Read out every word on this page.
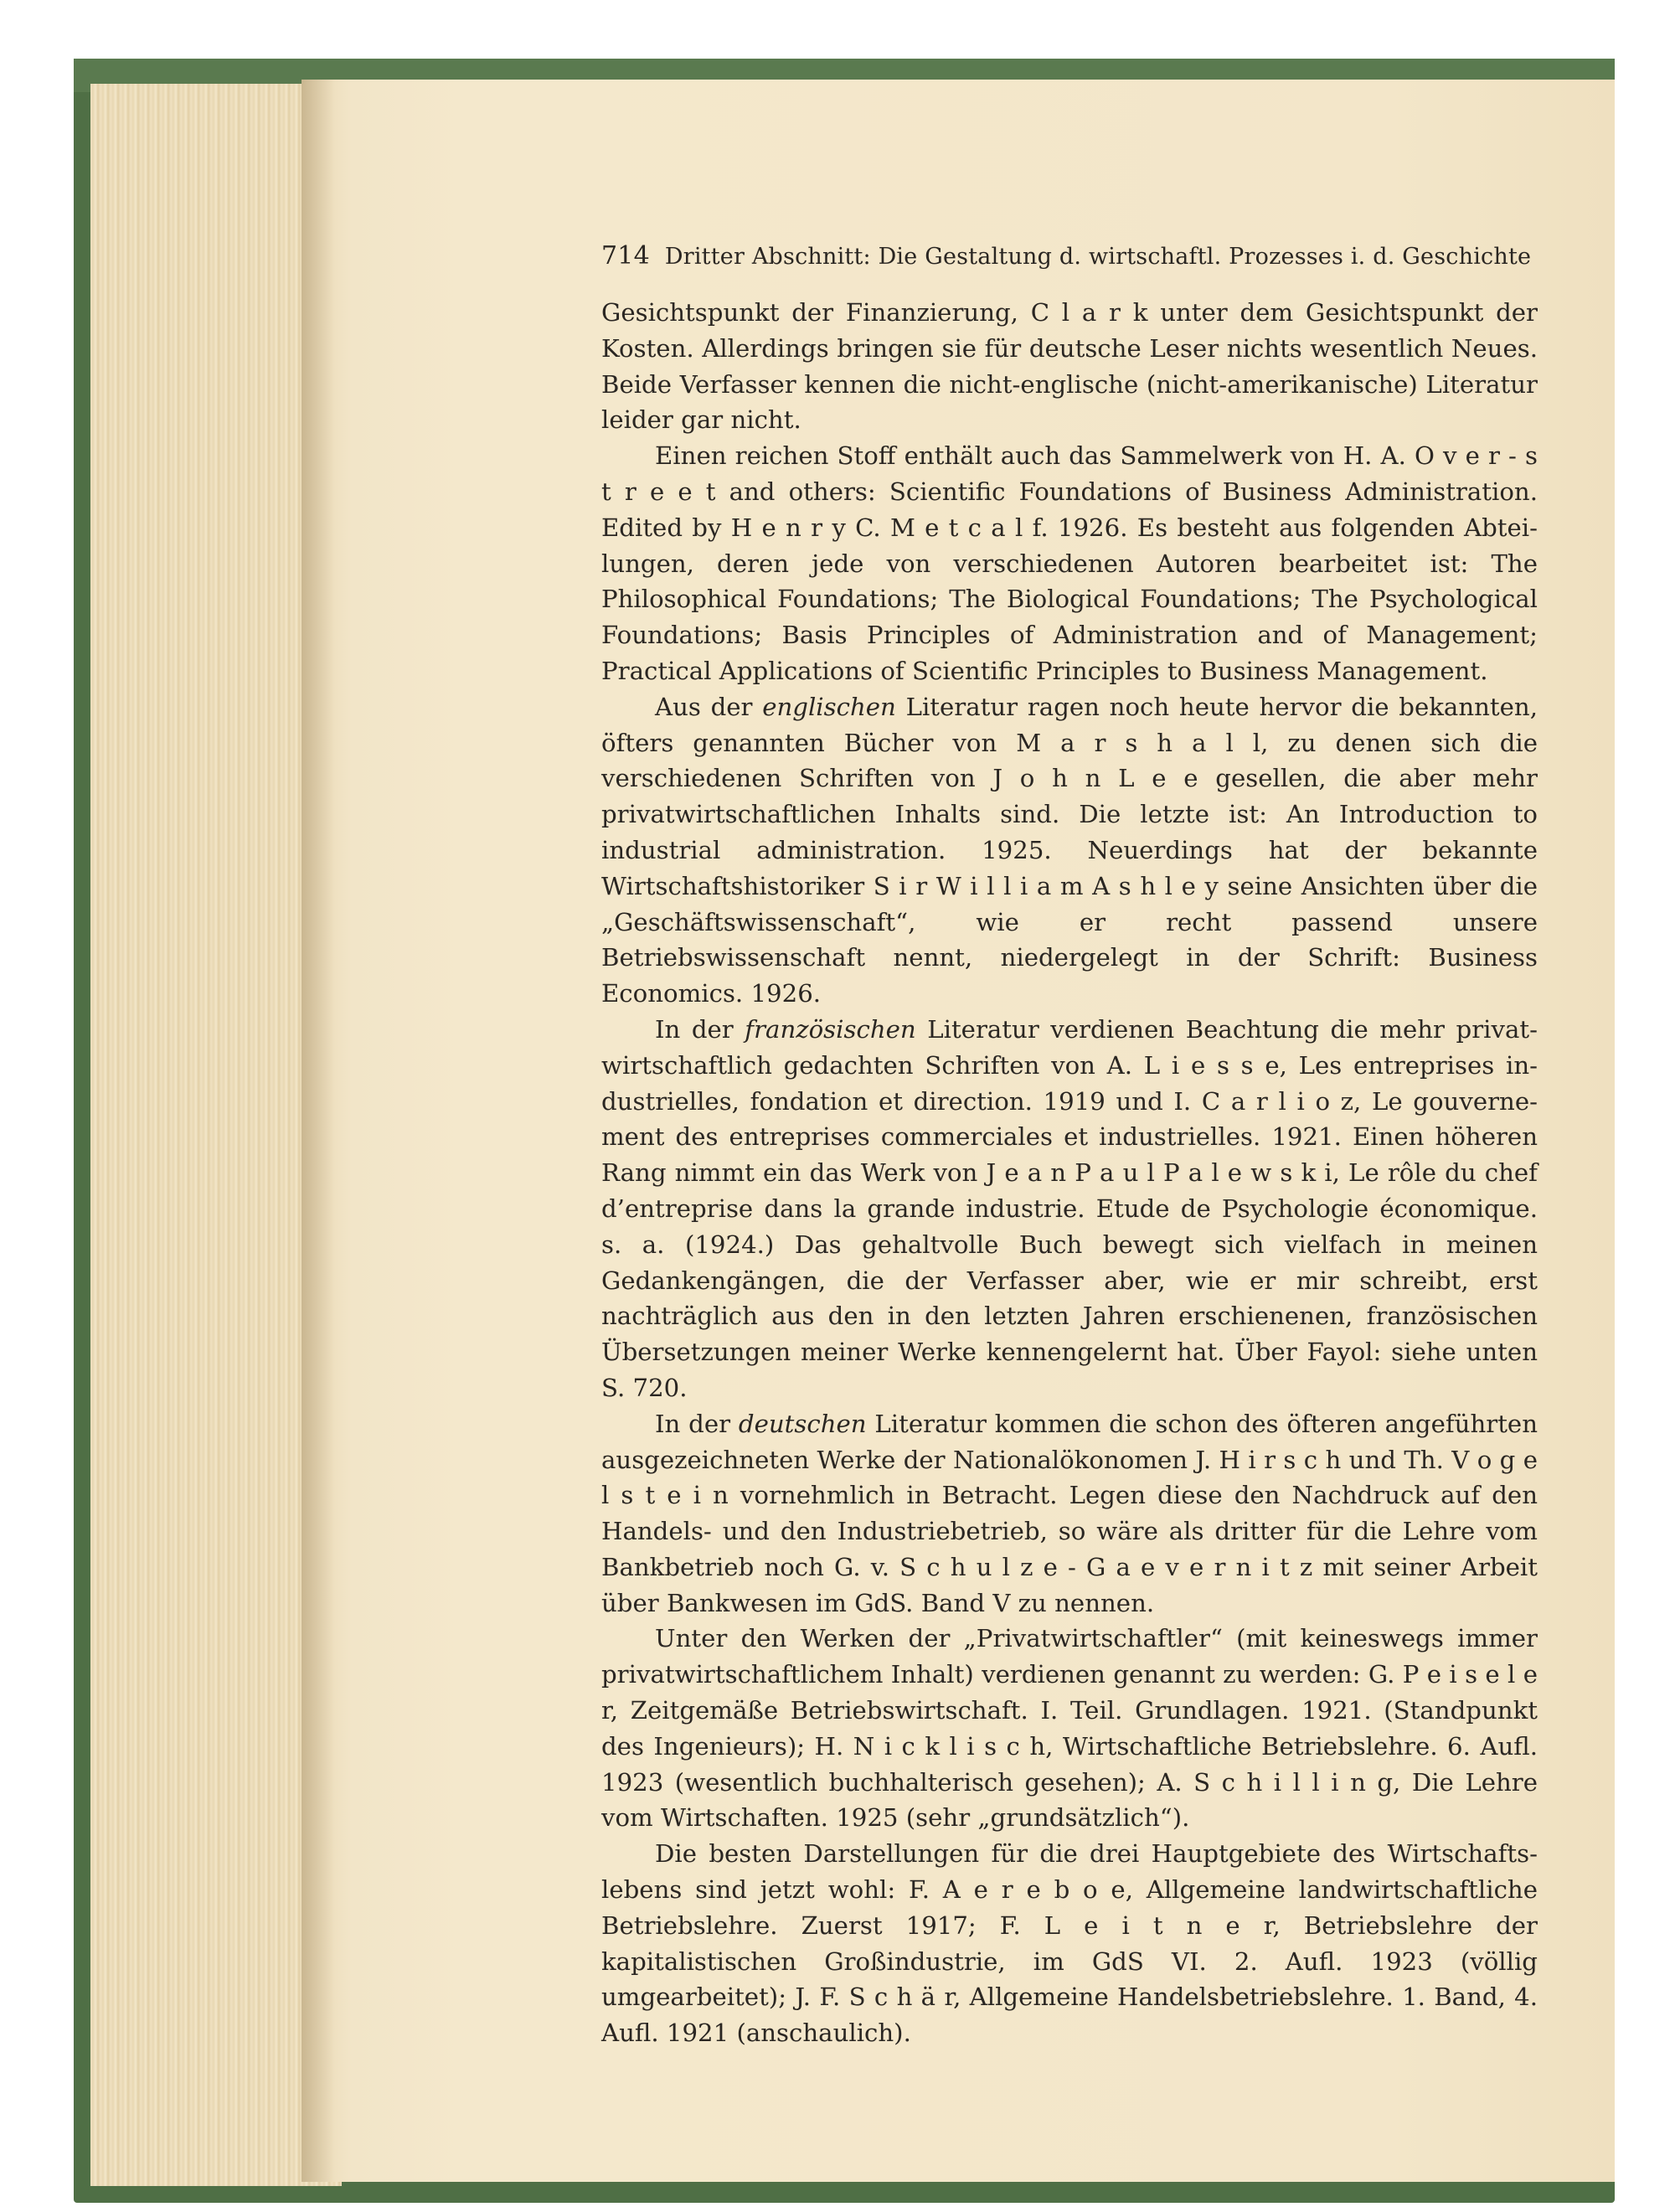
714 Dritter Abschnitt: Die Gestaltung d. wirtschaftl. Prozesses i. d. Geschichte

Gesichtspunkt der Finanzierung, C l a r k unter dem Gesichtspunkt der Kosten. Allerdings bringen sie für deutsche Leser nichts wesentlich Neues. Beide Verfasser kennen die nicht-englische (nicht-amerikanische) Literatur leider gar nicht.

Einen reichen Stoff enthält auch das Sammelwerk von H. A. O v e r - s t r e e t and others: Scientific Foundations of Business Administration. Edited by H e n r y C. M e t c a l f. 1926. Es besteht aus folgenden Abteilungen, deren jede von verschiedenen Autoren bearbeitet ist: The Philosophical Foundations; The Biological Foundations; The Psychological Foundations; Basis Principles of Administration and of Management; Practical Applications of Scientific Principles to Business Management.

Aus der englischen Literatur ragen noch heute hervor die bekannten, öfters genannten Bücher von M a r s h a l l, zu denen sich die verschiedenen Schriften von J o h n L e e gesellen, die aber mehr privatwirtschaftlichen Inhalts sind. Die letzte ist: An Introduction to industrial administration. 1925. Neuerdings hat der bekannte Wirtschaftshistoriker S i r W i l l i a m A s h l e y seine Ansichten über die „Geschäftswissenschaft“, wie er recht passend unsere Betriebswissenschaft nennt, niedergelegt in der Schrift: Business Economics. 1926.

In der französischen Literatur verdienen Beachtung die mehr privatwirtschaftlich gedachten Schriften von A. L i e s s e, Les entreprises industrielles, fondation et direction. 1919 und I. C a r l i o z, Le gouvernement des entreprises commerciales et industrielles. 1921. Einen höheren Rang nimmt ein das Werk von J e a n P a u l P a l e w s k i, Le rôle du chef d’entreprise dans la grande industrie. Etude de Psychologie économique. s. a. (1924.) Das gehaltvolle Buch bewegt sich vielfach in meinen Gedankengängen, die der Verfasser aber, wie er mir schreibt, erst nachträglich aus den in den letzten Jahren erschienenen, französischen Übersetzungen meiner Werke kennengelernt hat. Über Fayol: siehe unten S. 720.

In der deutschen Literatur kommen die schon des öfteren angeführten ausgezeichneten Werke der Nationalökonomen J. H i r s c h und Th. V o g e l s t e i n vornehmlich in Betracht. Legen diese den Nachdruck auf den Handels- und den Industriebetrieb, so wäre als dritter für die Lehre vom Bankbetrieb noch G. v. S c h u l z e - G a e v e r n i t z mit seiner Arbeit über Bankwesen im GdS. Band V zu nennen.

Unter den Werken der „Privatwirtschaftler“ (mit keineswegs immer privatwirtschaftlichem Inhalt) verdienen genannt zu werden: G. P e i s e l e r, Zeitgemäße Betriebswirtschaft. I. Teil. Grundlagen. 1921. (Standpunkt des Ingenieurs); H. N i c k l i s c h, Wirtschaftliche Betriebslehre. 6. Aufl. 1923 (wesentlich buchhalterisch gesehen); A. S c h i l l i n g, Die Lehre vom Wirtschaften. 1925 (sehr „grundsätzlich“).

Die besten Darstellungen für die drei Hauptgebiete des Wirtschaftslebens sind jetzt wohl: F. A e r e b o e, Allgemeine landwirtschaftliche Betriebslehre. Zuerst 1917; F. L e i t n e r, Betriebslehre der kapitalistischen Großindustrie, im GdS VI. 2. Aufl. 1923 (völlig umgearbeitet); J. F. S c h ä r, Allgemeine Handelsbetriebslehre. 1. Band, 4. Aufl. 1921 (anschaulich).
